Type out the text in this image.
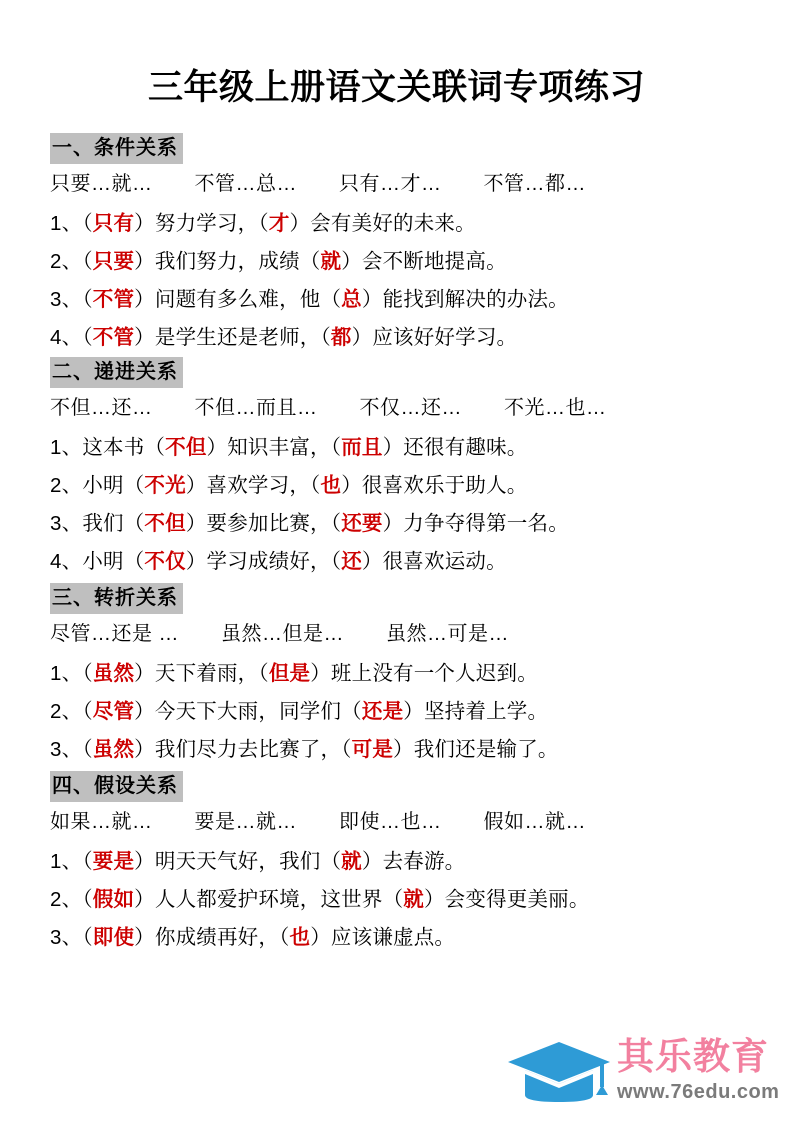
三年级上册语文关联词专项练习
一、条件关系
只要…就… 不管…总… 只有…才… 不管…都…
1、（只有）努力学习，（才）会有美好的未来。
2、（只要）我们努力，成绩（就）会不断地提高。
3、（不管）问题有多么难，他（总）能找到解决的办法。
4、（不管）是学生还是老师，（都）应该好好学习。
二、递进关系
不但…还… 不但…而且… 不仅…还… 不光…也…
1、这本书（不但）知识丰富，（而且）还很有趣味。
2、小明（不光）喜欢学习，（也）很喜欢乐于助人。
3、我们（不但）要参加比赛，（还要）力争夺得第一名。
4、小明（不仅）学习成绩好，（还）很喜欢运动。
三、转折关系
尽管…还是 … 虽然…但是… 虽然…可是…
1、（虽然）天下着雨，（但是）班上没有一个人迟到。
2、（尽管）今天下大雨，同学们（还是）坚持着上学。
3、（虽然）我们尽力去比赛了，（可是）我们还是输了。
四、假设关系
如果…就… 要是…就… 即使…也… 假如…就…
1、（要是）明天天气好，我们（就）去春游。
2、（假如）人人都爱护环境，这世界（就）会变得更美丽。
3、（即使）你成绩再好，（也）应该谦虚点。
其乐教育
www.76edu.com
